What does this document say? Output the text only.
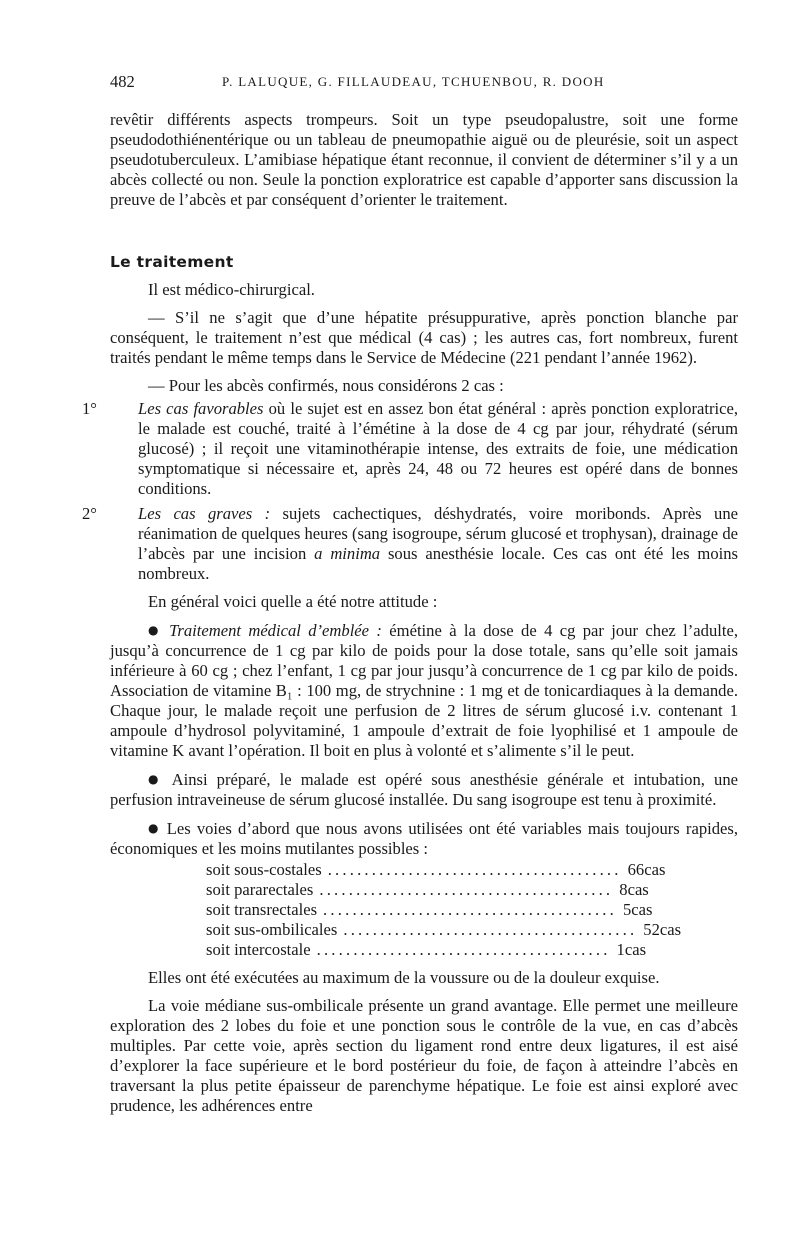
482	P. LALUQUE, G. FILLAUDEAU, TCHUENBOU, R. DOOH

revêtir différents aspects trompeurs. Soit un type pseudopalustre, soit une forme pseudodothiénentérique ou un tableau de pneumopathie aiguë ou de pleurésie, soit un aspect pseudotuberculeux. L’amibiase hépatique étant reconnue, il convient de déterminer s’il y a un abcès collecté ou non. Seule la ponction exploratrice est capable d’apporter sans discussion la preuve de l’abcès et par conséquent d’orienter le traitement.

Le traitement

Il est médico-chirurgical.

— S’il ne s’agit que d’une hépatite présuppurative, après ponction blanche par conséquent, le traitement n’est que médical (4 cas) ; les autres cas, fort nombreux, furent traités pendant le même temps dans le Service de Médecine (221 pendant l’année 1962).

— Pour les abcès confirmés, nous considérons 2 cas :

1° Les cas favorables où le sujet est en assez bon état général : après ponction exploratrice, le malade est couché, traité à l’émétine à la dose de 4 cg par jour, réhydraté (sérum glucosé) ; il reçoit une vitaminothérapie intense, des extraits de foie, une médication symptomatique si nécessaire et, après 24, 48 ou 72 heures est opéré dans de bonnes conditions.

2° Les cas graves : sujets cachectiques, déshydratés, voire moribonds. Après une réanimation de quelques heures (sang isogroupe, sérum glucosé et trophysan), drainage de l’abcès par une incision a minima sous anesthésie locale. Ces cas ont été les moins nombreux.

En général voici quelle a été notre attitude :

● Traitement médical d’emblée : émétine à la dose de 4 cg par jour chez l’adulte, jusqu’à concurrence de 1 cg par kilo de poids pour la dose totale, sans qu’elle soit jamais inférieure à 60 cg ; chez l’enfant, 1 cg par jour jusqu’à concurrence de 1 cg par kilo de poids. Association de vitamine B₁ : 100 mg, de strychnine : 1 mg et de tonicardiaques à la demande. Chaque jour, le malade reçoit une perfusion de 2 litres de sérum glucosé i.v. contenant 1 ampoule d’hydrosol polyvitaminé, 1 ampoule d’extrait de foie lyophilisé et 1 ampoule de vitamine K avant l’opération. Il boit en plus à volonté et s’alimente s’il le peut.

● Ainsi préparé, le malade est opéré sous anesthésie générale et intubation, une perfusion intraveineuse de sérum glucosé installée. Du sang isogroupe est tenu à proximité.

● Les voies d’abord que nous avons utilisées ont été variables mais toujours rapides, économiques et les moins mutilantes possibles :

soit sous-costales ........................................ 66 cas
soit pararectales ........................................ 8 cas
soit transrectales ........................................ 5 cas
soit sus-ombilicales ........................................ 52 cas
soit intercostale ........................................ 1 cas

Elles ont été exécutées au maximum de la voussure ou de la douleur exquise.

La voie médiane sus-ombilicale présente un grand avantage. Elle permet une meilleure exploration des 2 lobes du foie et une ponction sous le contrôle de la vue, en cas d’abcès multiples. Par cette voie, après section du ligament rond entre deux ligatures, il est aisé d’explorer la face supérieure et le bord postérieur du foie, de façon à atteindre l’abcès en traversant la plus petite épaisseur de parenchyme hépatique. Le foie est ainsi exploré avec prudence, les adhérences entre
